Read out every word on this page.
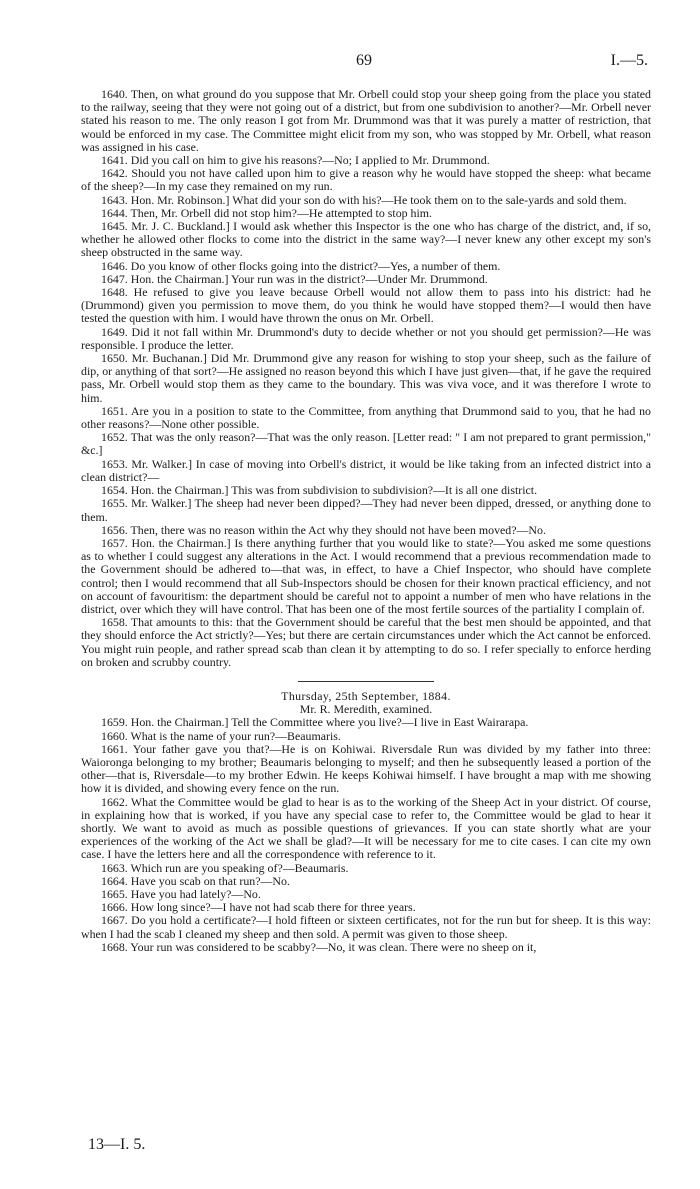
69	I.—5.

1640. Then, on what ground do you suppose that Mr. Orbell could stop your sheep going from the place you stated to the railway, seeing that they were not going out of a district, but from one subdivision to another?—Mr. Orbell never stated his reason to me. The only reason I got from Mr. Drummond was that it was purely a matter of restriction, that would be enforced in my case. The Committee might elicit from my son, who was stopped by Mr. Orbell, what reason was assigned in his case.

1641. Did you call on him to give his reasons?—No; I applied to Mr. Drummond.

1642. Should you not have called upon him to give a reason why he would have stopped the sheep: what became of the sheep?—In my case they remained on my run.

1643. Hon. Mr. Robinson.] What did your son do with his?—He took them on to the sale-yards and sold them.

1644. Then, Mr. Orbell did not stop him?—He attempted to stop him.

1645. Mr. J. C. Buckland.] I would ask whether this Inspector is the one who has charge of the district, and, if so, whether he allowed other flocks to come into the district in the same way?—I never knew any other except my son's sheep obstructed in the same way.

1646. Do you know of other flocks going into the district?—Yes, a number of them.

1647. Hon. the Chairman.] Your run was in the district?—Under Mr. Drummond.

1648. He refused to give you leave because Orbell would not allow them to pass into his district: had he (Drummond) given you permission to move them, do you think he would have stopped them?—I would then have tested the question with him. I would have thrown the onus on Mr. Orbell.

1649. Did it not fall within Mr. Drummond's duty to decide whether or not you should get permission?—He was responsible. I produce the letter.

1650. Mr. Buchanan.] Did Mr. Drummond give any reason for wishing to stop your sheep, such as the failure of dip, or anything of that sort?—He assigned no reason beyond this which I have just given—that, if he gave the required pass, Mr. Orbell would stop them as they came to the boundary. This was viva voce, and it was therefore I wrote to him.

1651. Are you in a position to state to the Committee, from anything that Drummond said to you, that he had no other reasons?—None other possible.

1652. That was the only reason?—That was the only reason. [Letter read: " I am not prepared to grant permission," &c.]

1653. Mr. Walker.] In case of moving into Orbell's district, it would be like taking from an infected district into a clean district?—

1654. Hon. the Chairman.] This was from subdivision to subdivision?—It is all one district.

1655. Mr. Walker.] The sheep had never been dipped?—They had never been dipped, dressed, or anything done to them.

1656. Then, there was no reason within the Act why they should not have been moved?—No.

1657. Hon. the Chairman.] Is there anything further that you would like to state?—You asked me some questions as to whether I could suggest any alterations in the Act. I would recommend that a previous recommendation made to the Government should be adhered to—that was, in effect, to have a Chief Inspector, who should have complete control; then I would recommend that all Sub-Inspectors should be chosen for their known practical efficiency, and not on account of favouritism: the department should be careful not to appoint a number of men who have relations in the district, over which they will have control. That has been one of the most fertile sources of the partiality I complain of.

1658. That amounts to this: that the Government should be careful that the best men should be appointed, and that they should enforce the Act strictly?—Yes; but there are certain circumstances under which the Act cannot be enforced. You might ruin people, and rather spread scab than clean it by attempting to do so. I refer specially to enforce herding on broken and scrubby country.

Thursday, 25th September, 1884.

Mr. R. Meredith, examined.

1659. Hon. the Chairman.] Tell the Committee where you live?—I live in East Wairarapa.

1660. What is the name of your run?—Beaumaris.

1661. Your father gave you that?—He is on Kohiwai. Riversdale Run was divided by my father into three: Waioronga belonging to my brother; Beaumaris belonging to myself; and then he subsequently leased a portion of the other—that is, Riversdale—to my brother Edwin. He keeps Kohiwai himself. I have brought a map with me showing how it is divided, and showing every fence on the run.

1662. What the Committee would be glad to hear is as to the working of the Sheep Act in your district. Of course, in explaining how that is worked, if you have any special case to refer to, the Committee would be glad to hear it shortly. We want to avoid as much as possible questions of grievances. If you can state shortly what are your experiences of the working of the Act we shall be glad?—It will be necessary for me to cite cases. I can cite my own case. I have the letters here and all the correspondence with reference to it.

1663. Which run are you speaking of?—Beaumaris.

1664. Have you scab on that run?—No.

1665. Have you had lately?—No.

1666. How long since?—I have not had scab there for three years.

1667. Do you hold a certificate?—I hold fifteen or sixteen certificates, not for the run but for sheep. It is this way: when I had the scab I cleaned my sheep and then sold. A permit was given to those sheep.

1668. Your run was considered to be scabby?—No, it was clean. There were no sheep on it,

13—I. 5.
